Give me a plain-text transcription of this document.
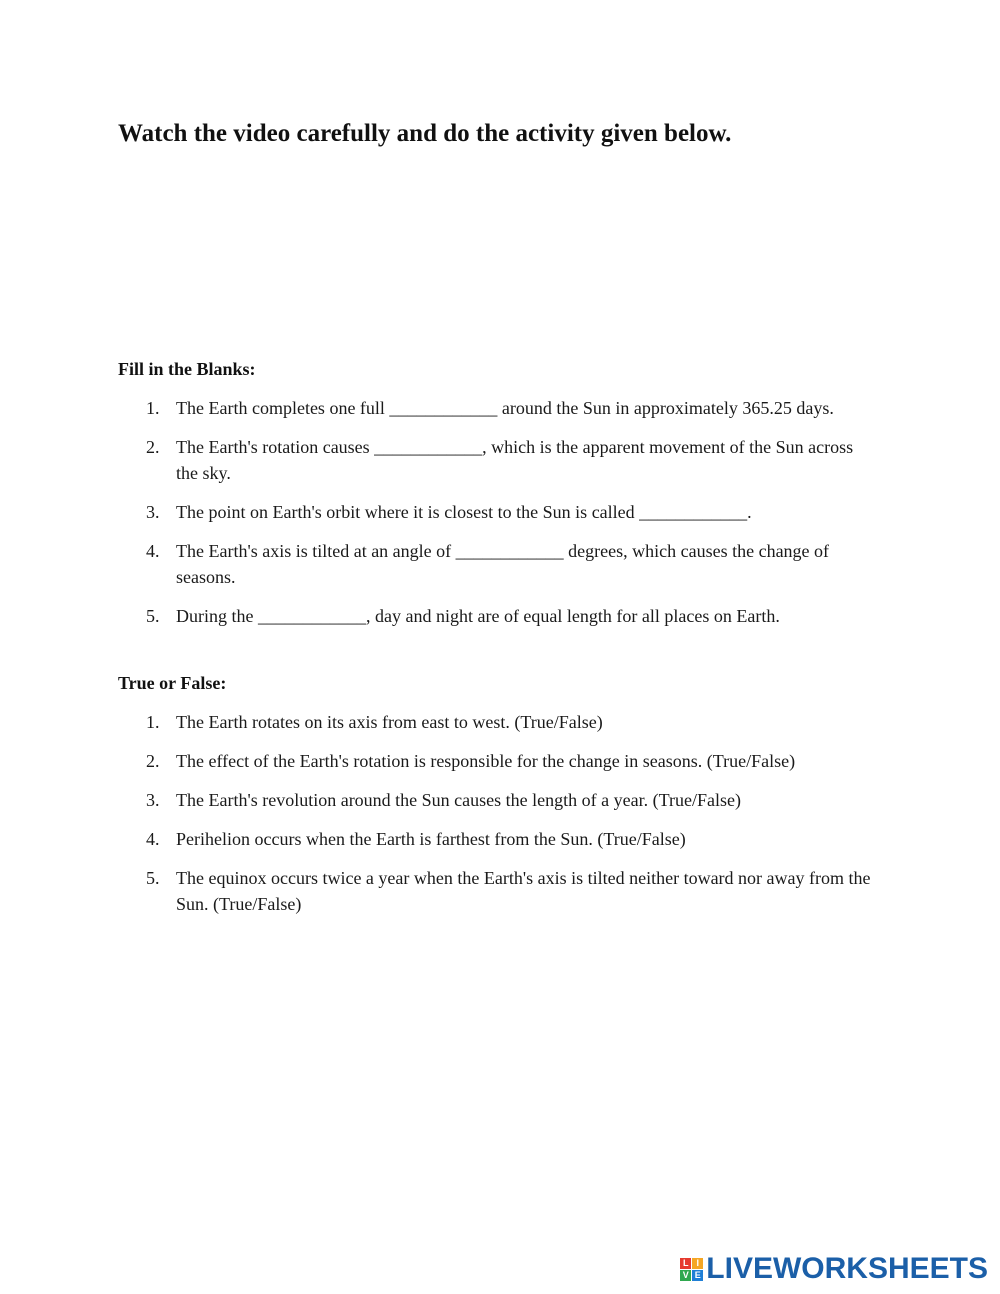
Watch the video carefully and do the activity given below.
Fill in the Blanks:
1. The Earth completes one full ____________ around the Sun in approximately 365.25 days.
2. The Earth's rotation causes ____________, which is the apparent movement of the Sun across the sky.
3. The point on Earth's orbit where it is closest to the Sun is called ____________.
4. The Earth's axis is tilted at an angle of ____________ degrees, which causes the change of seasons.
5. During the ____________, day and night are of equal length for all places on Earth.
True or False:
1. The Earth rotates on its axis from east to west. (True/False)
2. The effect of the Earth's rotation is responsible for the change in seasons. (True/False)
3. The Earth's revolution around the Sun causes the length of a year. (True/False)
4. Perihelion occurs when the Earth is farthest from the Sun. (True/False)
5. The equinox occurs twice a year when the Earth's axis is tilted neither toward nor away from the Sun. (True/False)
L I
V E LIVEWORKSHEETS
